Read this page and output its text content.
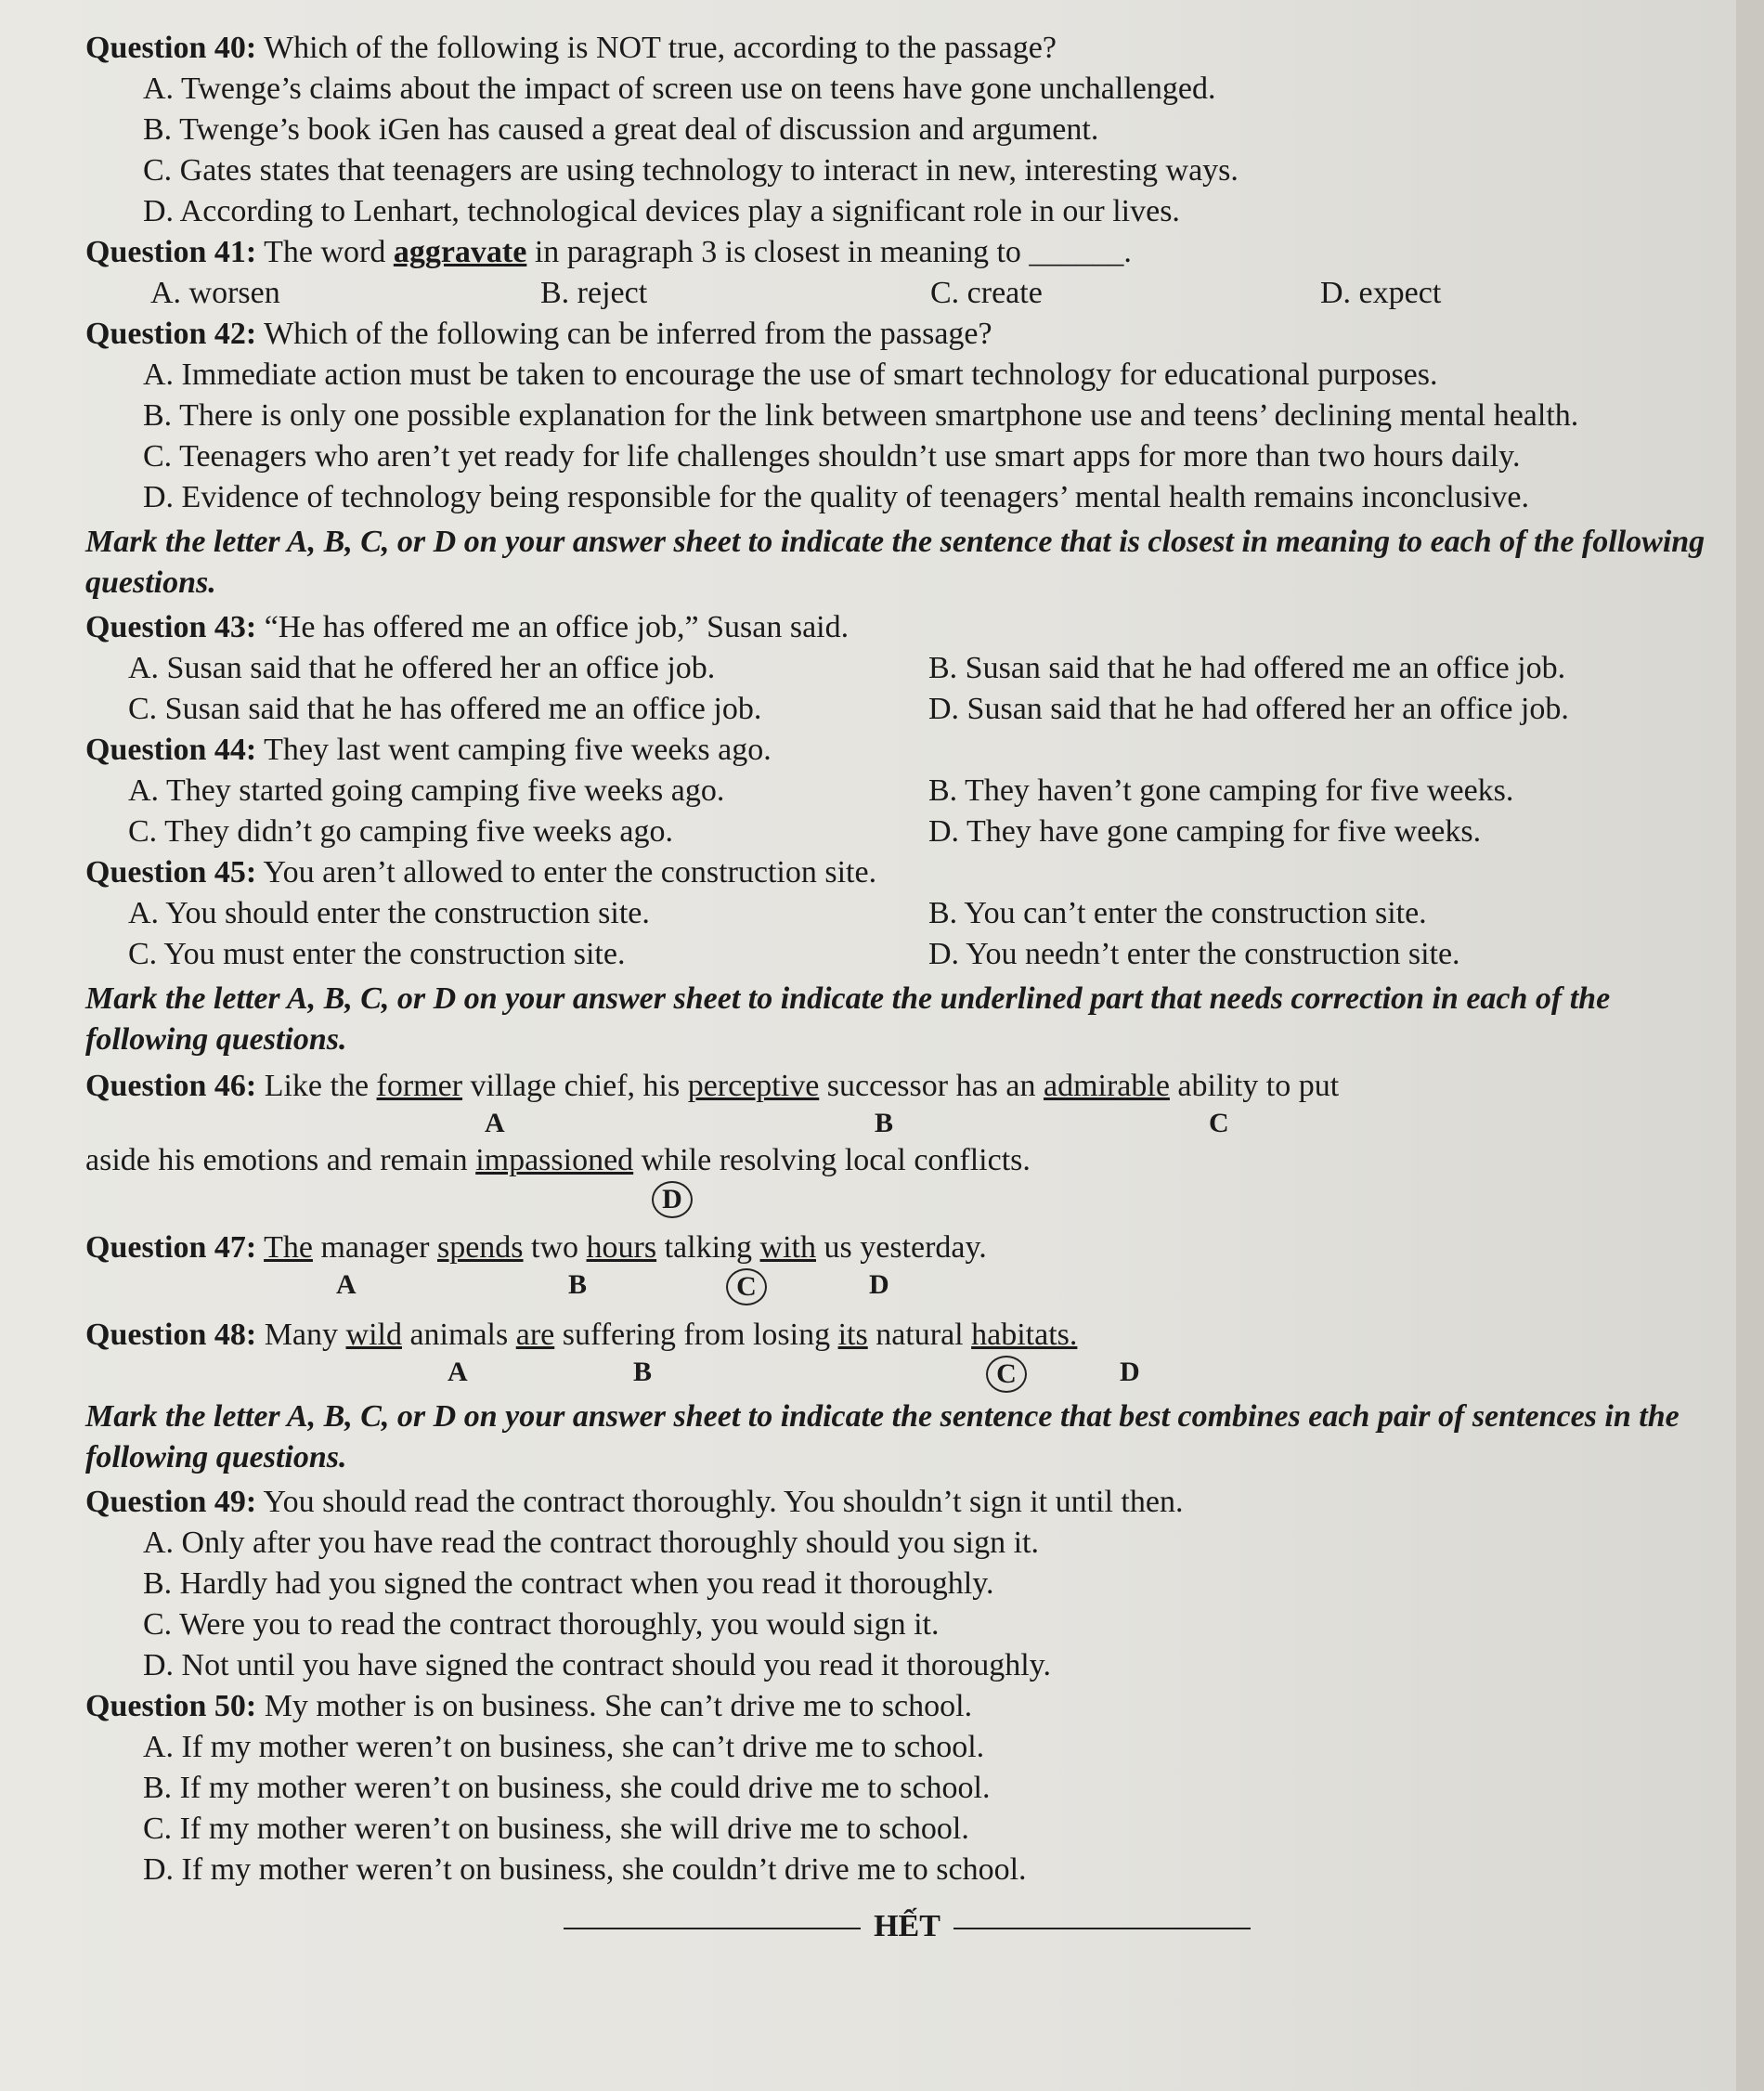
Question 40: Which of the following is NOT true, according to the passage?
A. Twenge’s claims about the impact of screen use on teens have gone unchallenged.
B. Twenge’s book iGen has caused a great deal of discussion and argument.
C. Gates states that teenagers are using technology to interact in new, interesting ways.
D. According to Lenhart, technological devices play a significant role in our lives.
Question 41: The word aggravate in paragraph 3 is closest in meaning to ______.
A. worsen	B. reject	C. create	D. expect
Question 42: Which of the following can be inferred from the passage?
A. Immediate action must be taken to encourage the use of smart technology for educational purposes.
B. There is only one possible explanation for the link between smartphone use and teens’ declining mental health.
C. Teenagers who aren’t yet ready for life challenges shouldn’t use smart apps for more than two hours daily.
D. Evidence of technology being responsible for the quality of teenagers’ mental health remains inconclusive.
Mark the letter A, B, C, or D on your answer sheet to indicate the sentence that is closest in meaning to each of the following questions.
Question 43: “He has offered me an office job,” Susan said.
A. Susan said that he offered her an office job.	B. Susan said that he had offered me an office job.
C. Susan said that he has offered me an office job.	D. Susan said that he had offered her an office job.
Question 44: They last went camping five weeks ago.
A. They started going camping five weeks ago.	B. They haven’t gone camping for five weeks.
C. They didn’t go camping five weeks ago.	D. They have gone camping for five weeks.
Question 45: You aren’t allowed to enter the construction site.
A. You should enter the construction site.	B. You can’t enter the construction site.
C. You must enter the construction site.	D. You needn’t enter the construction site.
Mark the letter A, B, C, or D on your answer sheet to indicate the underlined part that needs correction in each of the following questions.
Question 46: Like the former village chief, his perceptive successor has an admirable ability to put
A	B	C
aside his emotions and remain impassioned while resolving local conflicts.
D
Question 47: The manager spends two hours talking with us yesterday.
A	B	C	D
Question 48: Many wild animals are suffering from losing its natural habitats.
A	B	C	D
Mark the letter A, B, C, or D on your answer sheet to indicate the sentence that best combines each pair of sentences in the following questions.
Question 49: You should read the contract thoroughly. You shouldn’t sign it until then.
A. Only after you have read the contract thoroughly should you sign it.
B. Hardly had you signed the contract when you read it thoroughly.
C. Were you to read the contract thoroughly, you would sign it.
D. Not until you have signed the contract should you read it thoroughly.
Question 50: My mother is on business. She can’t drive me to school.
A. If my mother weren’t on business, she can’t drive me to school.
B. If my mother weren’t on business, she could drive me to school.
C. If my mother weren’t on business, she will drive me to school.
D. If my mother weren’t on business, she couldn’t drive me to school.
HẾT
